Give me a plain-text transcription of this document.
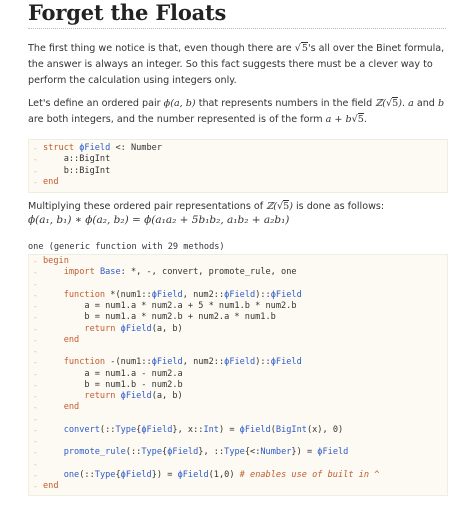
Forget the Floats
The first thing we notice is that, even though there are √5's all over the Binet formula, the answer is always an integer. So this fact suggests there must be a clever way to perform the calculation using integers only.
Let's define an ordered pair ϕ(a, b) that represents numbers in the field ℤ(√5). a and b are both integers, and the number represented is of the form a + b√5.
- struct ϕField <: Number
- a::BigInt
- b::BigInt
- end
Multiplying these ordered pair representations of ℤ(√5) is done as follows:
ϕ(a₁, b₁) ∗ ϕ(a₂, b₂) = ϕ(a₁a₂ + 5b₁b₂, a₁b₂ + a₂b₁)
one (generic function with 29 methods)
- begin
-	import Base: *, -, convert, promote_rule, one
-
-	function *(num1::ϕField, num2::ϕField)::ϕField
- a = num1.a * num2.a + 5 * num1.b * num2.b
- b = num1.a * num2.b + num2.a * num1.b
-	return ϕField(a, b)
-	end
-
-	function -(num1::ϕField, num2::ϕField)::ϕField
- a = num1.a - num2.a
- b = num1.b - num2.b
-	return ϕField(a, b)
-	end
-
-	convert(::Type{ϕField}, x::Int) = ϕField(BigInt(x), 0)
-
-	promote_rule(::Type{ϕField}, ::Type{<:Number}) = ϕField
-
-	one(::Type{ϕField}) = ϕField(1,0) # enables use of built in ^
- end
